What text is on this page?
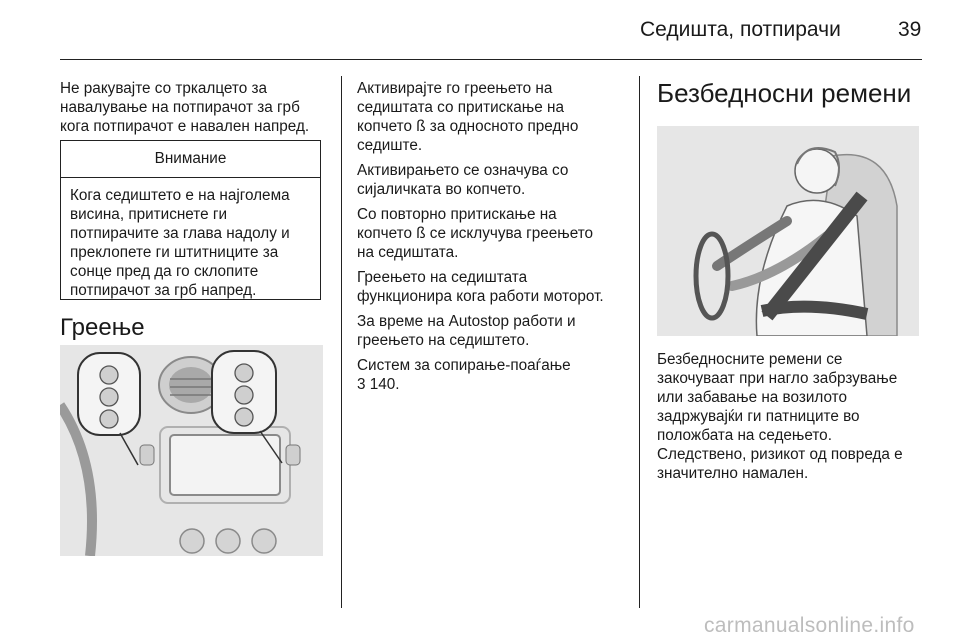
Седишта, потпирачи	39

Не ракувајте со тркалцето за
навалување на потпирачот за грб
кога потпирачот е навален напред.

Внимание
Кога седиштето е на најголема
висина, притиснете ги
потпирачите за глава надолу и
преклопете ги штитниците за
сонце пред да го склопите
потпирачот за грб напред.
Греење

Активирајте го греењето на
седиштата со притискање на
копчето ß за односното предно
седиште.

Активирањето се означува со
сијаличката во копчето.

Со повторно притискање на
копчето ß се исклучува греењето
на седиштата.

Греењето на седиштата
функционира кога работи моторот.

За време на Autostop работи и
греењето на седиштето.

Систем за сопирање-поаѓање
3 140.

Безбедносни ремени

Безбедносните ремени се
закочуваат при нагло забрзување
или забавање на возилото
задржувајќи ги патниците во
положбата на седењето.
Следствено, ризикот од повреда е
значително намален.

carmanualsonline.info
